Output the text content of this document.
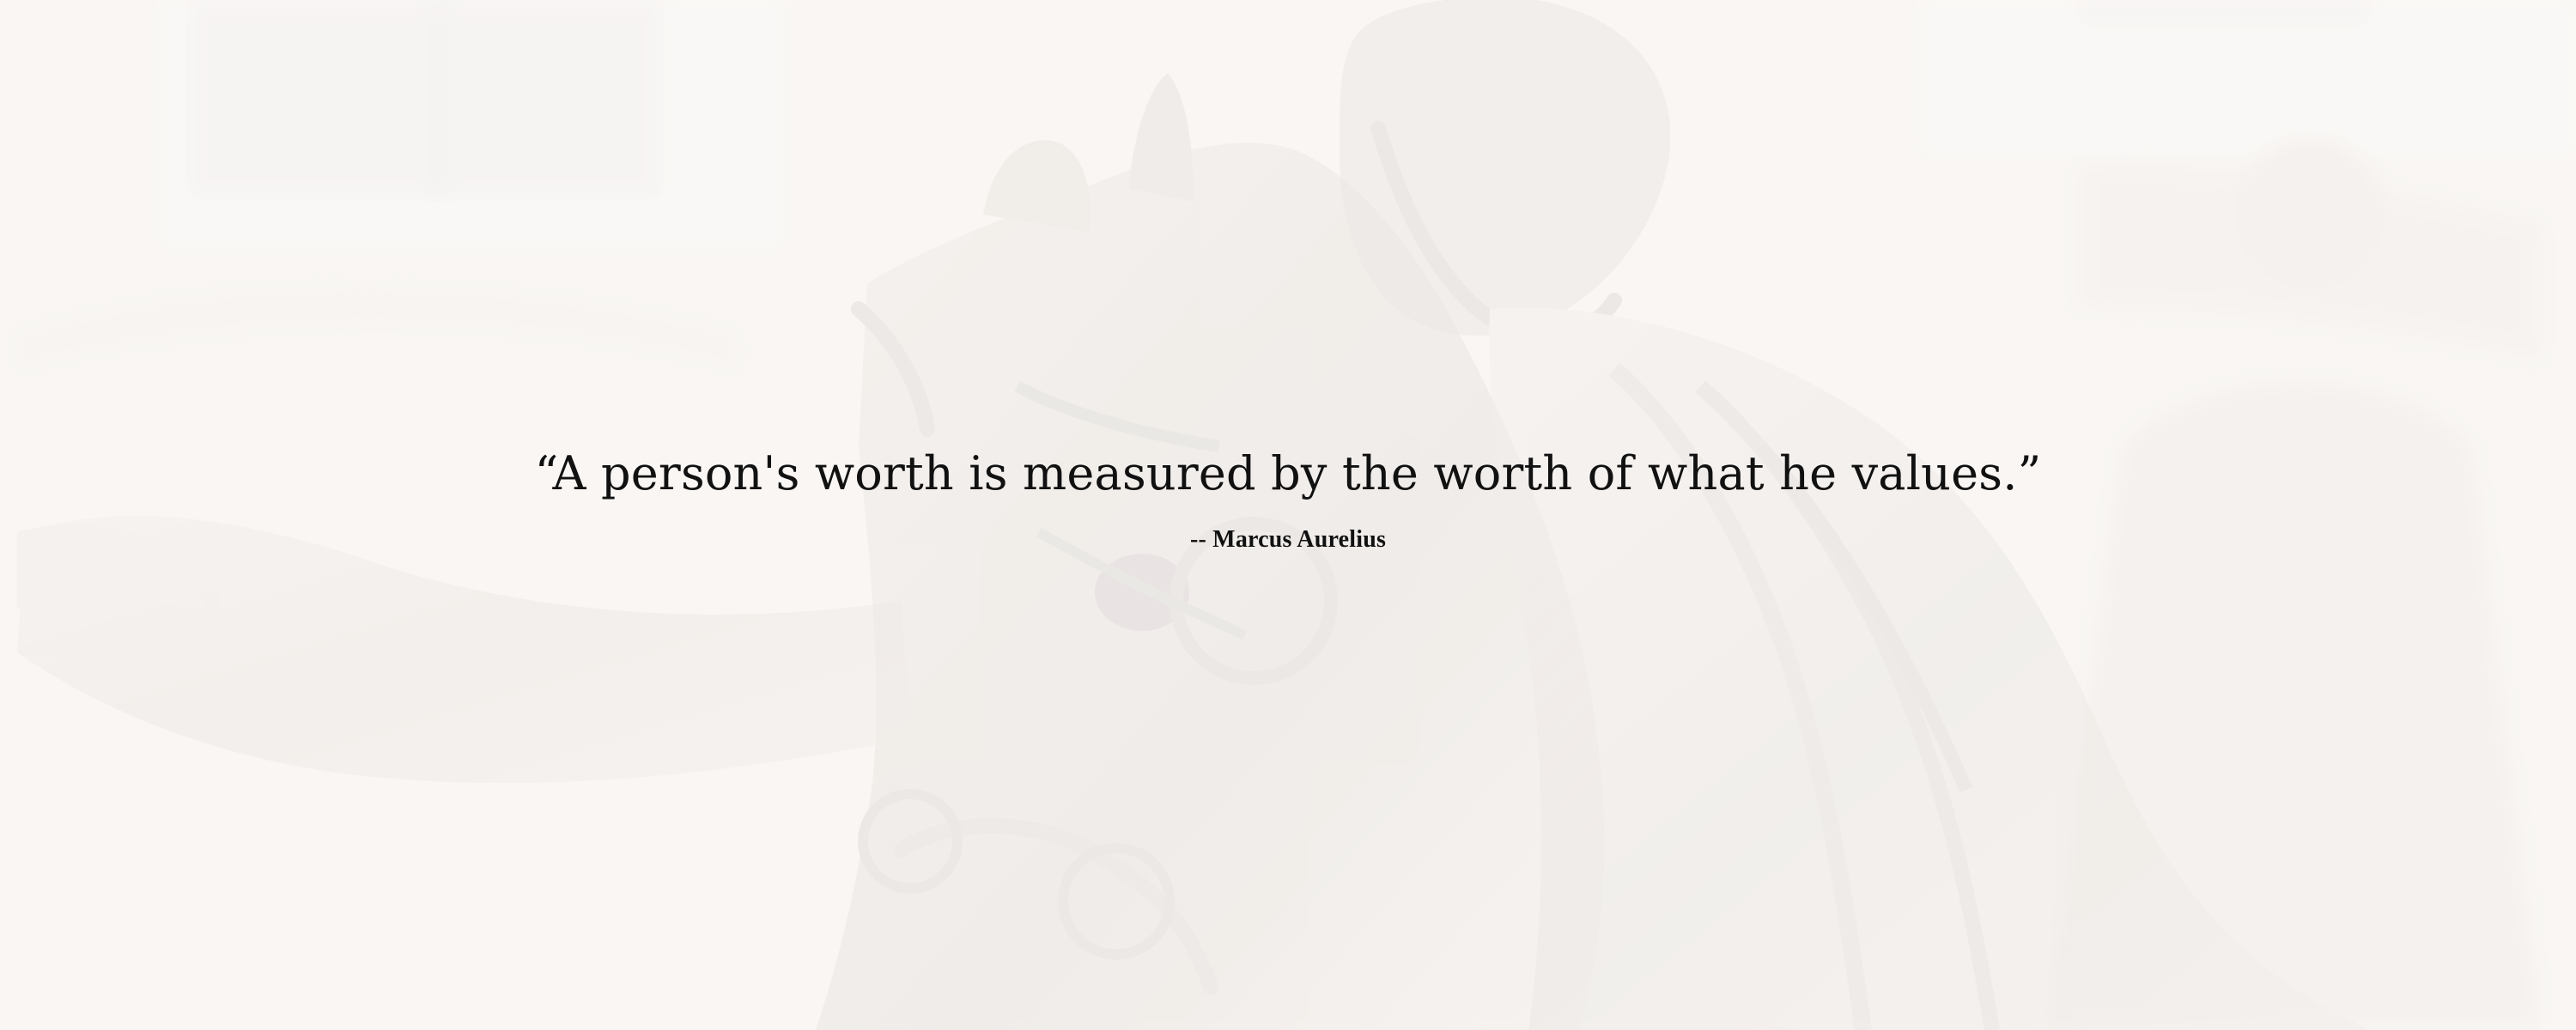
“A person's worth is measured by the worth of what he values.”

-- Marcus Aurelius
